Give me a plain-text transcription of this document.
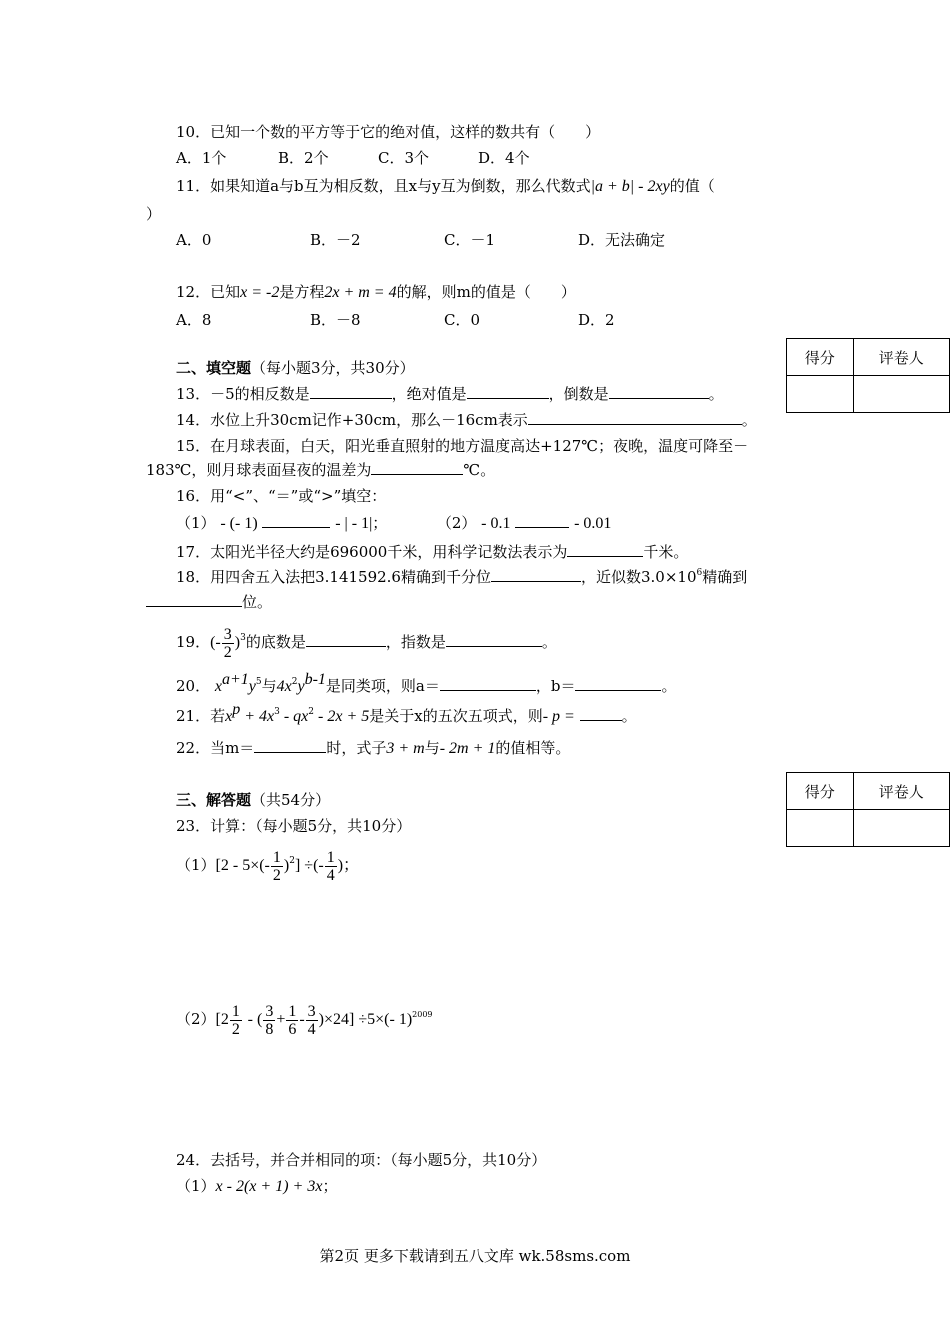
10．已知一个数的平方等于它的绝对值，这样的数共有（　　）
A．1个	B．2个	C．3个	D．4个
11．如果知道a与b互为相反数，且x与y互为倒数，那么代数式|a + b| - 2xy的值（
）
A．0	B．－2	C．－1	D．无法确定
12．已知x = -2是方程2x + m = 4的解，则m的值是（　　）
A．8	B．－8	C．0	D．2
得分	评卷人

二、填空题（每小题3分，共30分）
13．－5的相反数是	，绝对值是	，倒数是	。
14．水位上升30cm记作+30cm，那么－16cm表示	。
15．在月球表面，白天，阳光垂直照射的地方温度高达+127℃；夜晚，温度可降至－
183℃，则月球表面昼夜的温差为	℃。
16．用“<”、“＝”或“>”填空：
（1） - (- 1)	- | - 1|；	（2） - 0.1	- 0.01
17．太阳光半径大约是696000千米，用科学记数法表示为	千米。
18．用四舍五入法把3.141592.6精确到千分位	，近似数$3.0\times 10^6$精确到
位。
19．(- $\frac{3}{2} )^3$的底数是	，指数是	。
20． $x^{a+1}y^5$与$4x^2y^{b-1}$是同类项，则a＝	，b＝	。
21．若$x^p + 4x^3 - qx^2 - 2x + 5$是关于x的五次五项式，则- p =	。
22．当m＝	时，式子3 + m与- 2m + 1的值相等。
得分	评卷人

三、解答题（共54分）
23．计算：（每小题5分，共10分）
$(1)[2 - 5\times(- \frac{1}{2} )^2]$ ÷(- $\frac{1}{4}$ )；
$(2)[2 \frac{1}{2}$ - ( $\frac{3}{8} + \frac{1}{6} - \frac{3}{4} )\times 24] \div 5\times(-$ 1)$^{2009}$
24．去括号，并合并相同的项：（每小题5分，共10分）
（1）x - 2(x + 1) + 3x；
第2页 更多下载请到五八文库 wk.58sms.com
